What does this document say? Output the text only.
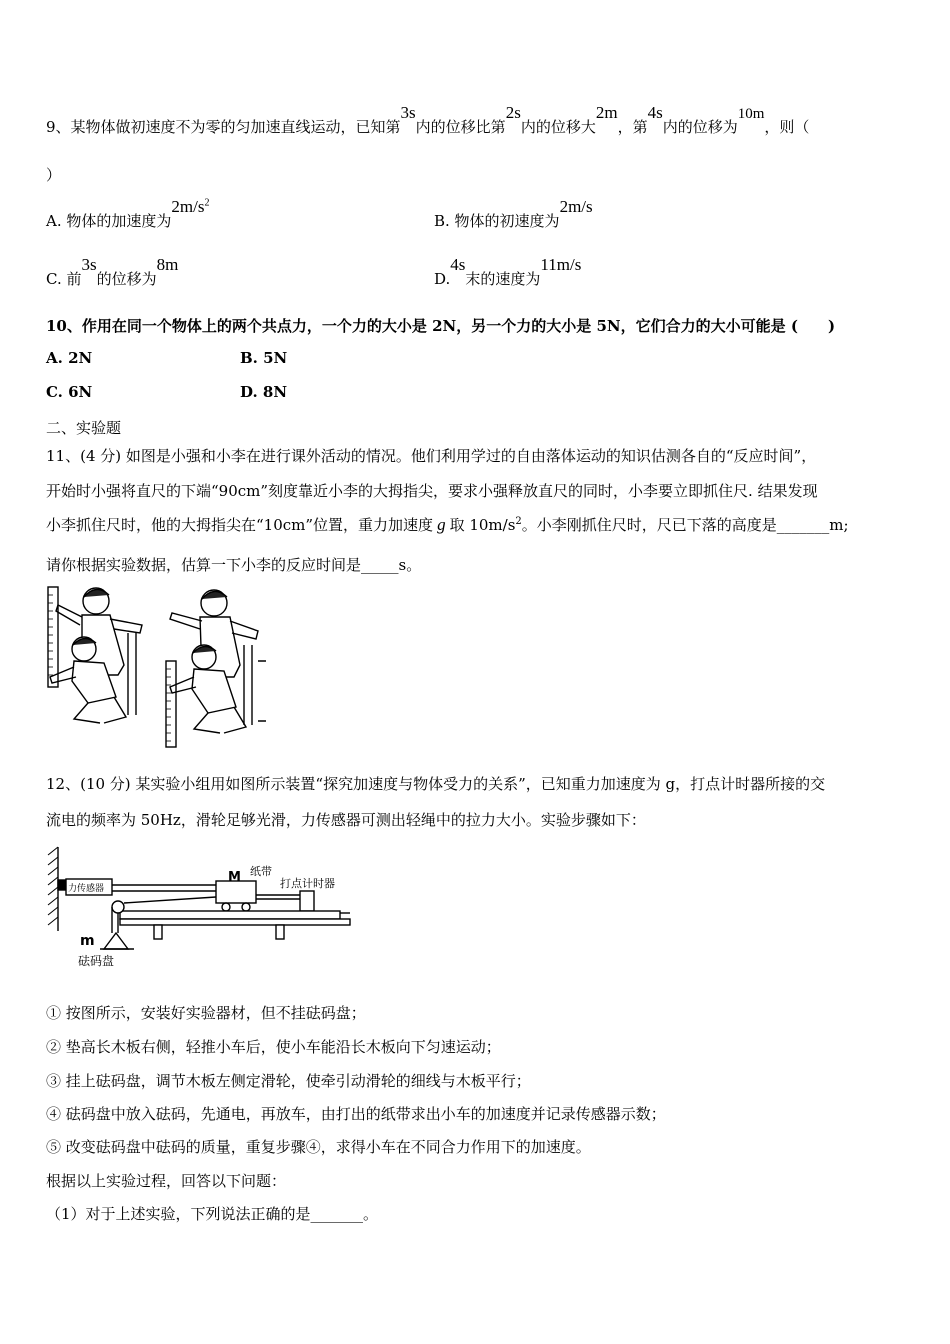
9、某物体做初速度不为零的匀加速直线运动，已知第3s内的位移比第2s内的位移大2m，第4s内的位移为10m，则（
）
A. 物体的加速度为$2m/s^2$
B. 物体的初速度为2m/s
C. 前3s的位移为8m
D.4s末的速度为11m/s
10、作用在同一个物体上的两个共点力，一个力的大小是 2N，另一个力的大小是 5N，它们合力的大小可能是 (　　)
A. 2N	B. 5N
C. 6N	D. 8N
二、实验题
11、(4 分) 如图是小强和小李在进行课外活动的情况。他们利用学过的自由落体运动的知识估测各自的“反应时间”，
开始时小强将直尺的下端“90cm”刻度靠近小李的大拇指尖，要求小强释放直尺的同时，小李要立即抓住尺. 结果发现
小李抓住尺时，他的大拇指尖在“10cm”位置，重力加速度 g 取 $10m/s^2$。小李刚抓住尺时，尺已下落的高度是_______m;
请你根据实验数据，估算一下小李的反应时间是_____s。
12、(10 分) 某实验小组用如图所示装置“探究加速度与物体受力的关系”，已知重力加速度为 g，打点计时器所接的交
流电的频率为 50Hz，滑轮足够光滑，力传感器可测出轻绳中的拉力大小。实验步骤如下：
力传感器
M 纸带
打点计时器
m
砝码盘
① 按图所示，安装好实验器材，但不挂砝码盘；
② 垫高长木板右侧，轻推小车后，使小车能沿长木板向下匀速运动；
③ 挂上砝码盘，调节木板左侧定滑轮，使牵引动滑轮的细线与木板平行；
④ 砝码盘中放入砝码，先通电，再放车，由打出的纸带求出小车的加速度并记录传感器示数；
⑤ 改变砝码盘中砝码的质量，重复步骤④，求得小车在不同合力作用下的加速度。
根据以上实验过程，回答以下问题：
（1）对于上述实验，下列说法正确的是_______。
